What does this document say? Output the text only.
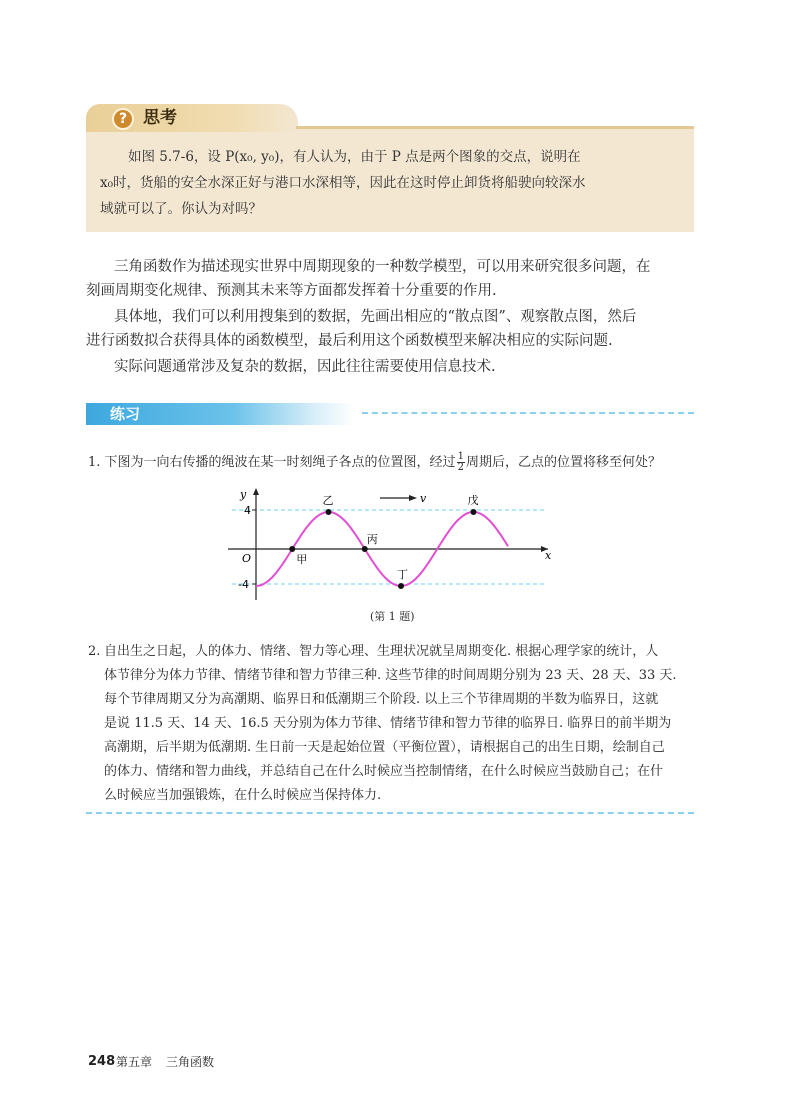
? 思考
如图 5.7-6，设 P(x₀, y₀)，有人认为，由于 P 点是两个图象的交点，说明在
x₀时，货船的安全水深正好与港口水深相等，因此在这时停止卸货将船驶向较深水
域就可以了。你认为对吗？
三角函数作为描述现实世界中周期现象的一种数学模型，可以用来研究很多问题，在
刻画周期变化规律、预测其未来等方面都发挥着十分重要的作用.
具体地，我们可以利用搜集到的数据，先画出相应的“散点图”、观察散点图，然后
进行函数拟合获得具体的函数模型，最后利用这个函数模型来解决相应的实际问题.
实际问题通常涉及复杂的数据，因此往往需要使用信息技术.
练习
1. 下图为一向右传播的绳波在某一时刻绳子各点的位置图，经过 $\frac{1}{2}$ 周期后，乙点的位置将移至何处？
甲
乙
丙
丁
戊
v
y
x
O
4
-4
(第 1 题)
2. 自出生之日起，人的体力、情绪、智力等心理、生理状况就呈周期变化. 根据心理学家的统计，人
体节律分为体力节律、情绪节律和智力节律三种. 这些节律的时间周期分别为 23 天、28 天、33 天.
每个节律周期又分为高潮期、临界日和低潮期三个阶段. 以上三个节律周期的半数为临界日，这就
是说 11.5 天、14 天、16.5 天分别为体力节律、情绪节律和智力节律的临界日. 临界日的前半期为
高潮期，后半期为低潮期. 生日前一天是起始位置（平衡位置），请根据自己的出生日期，绘制自己
的体力、情绪和智力曲线，并总结自己在什么时候应当控制情绪，在什么时候应当鼓励自己；在什
么时候应当加强锻炼，在什么时候应当保持体力.
248 第五章 三角函数
